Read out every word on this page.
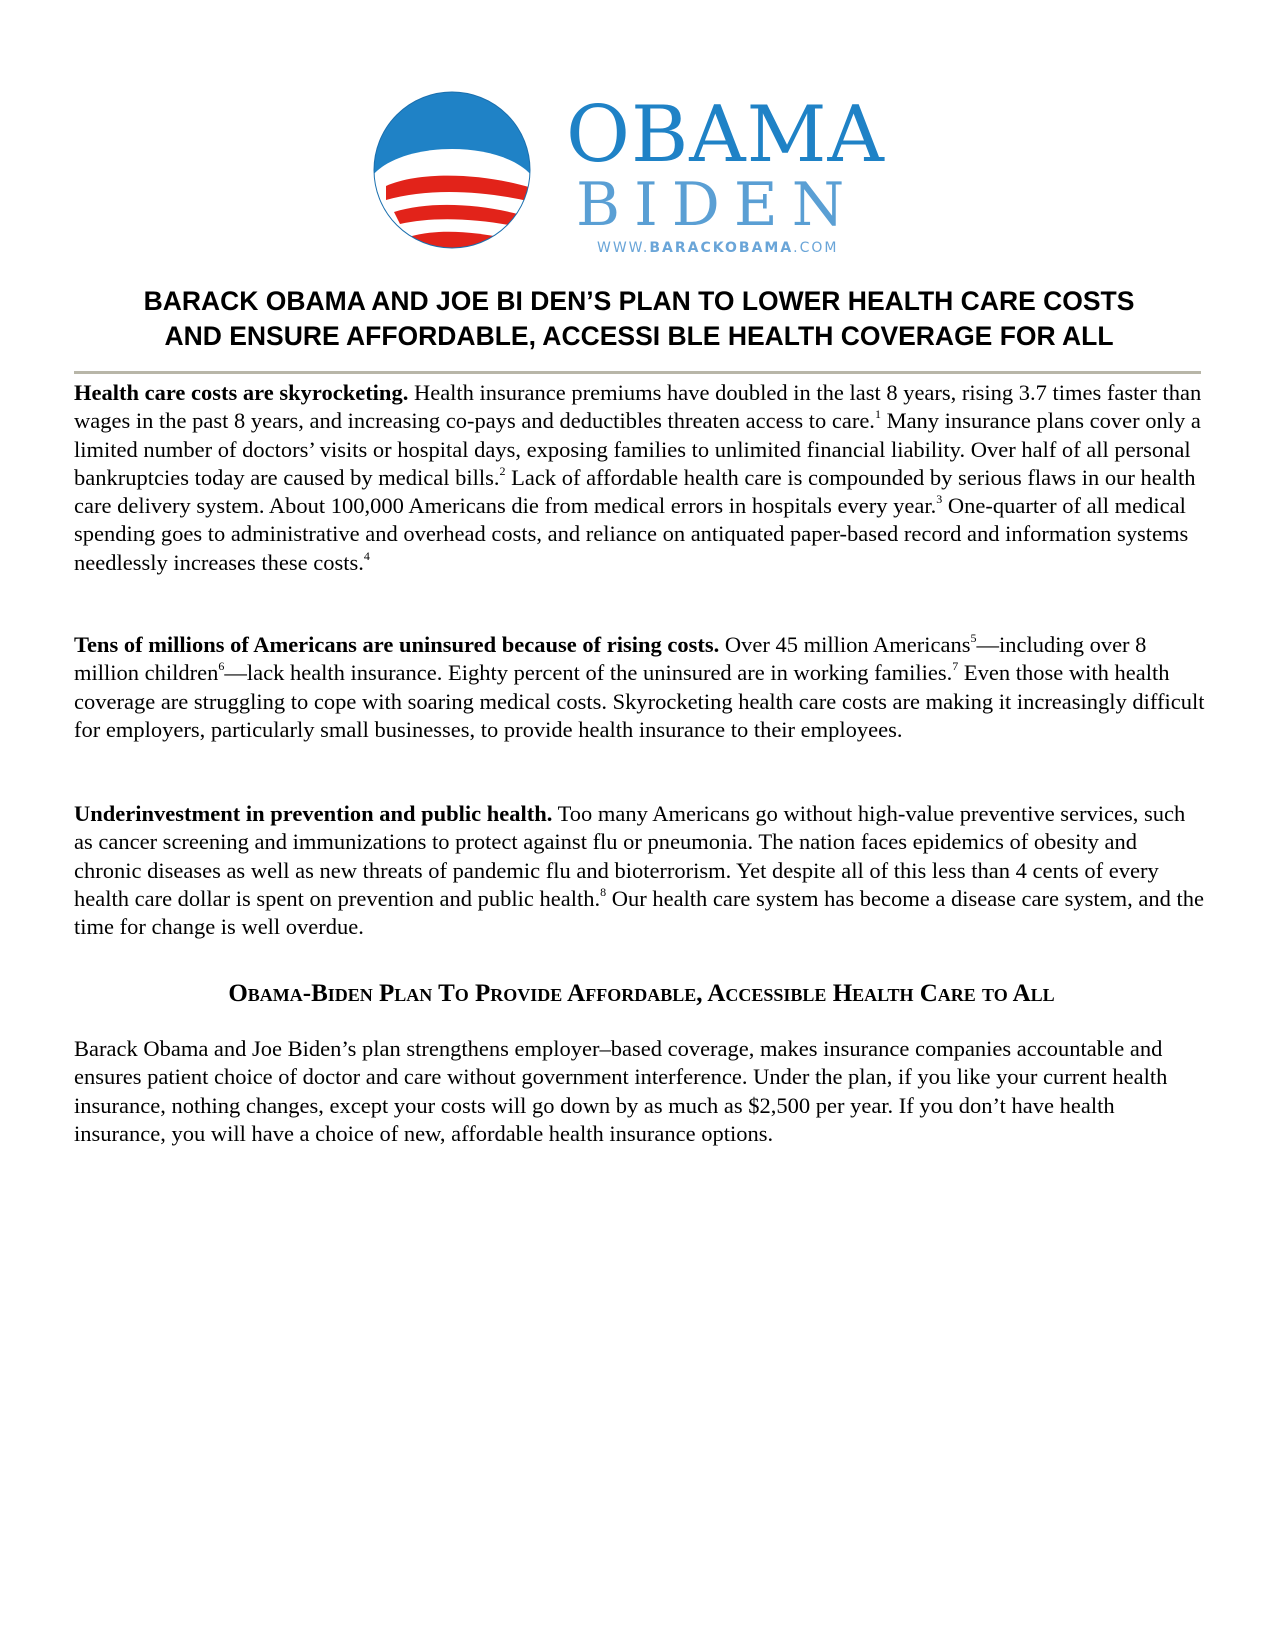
OBAMA
BIDEN
WWW.BARACKOBAMA.COM
BARACK OBAMA AND JOE BI DEN’S PLAN TO LOWER HEALTH CARE COSTS
AND ENSURE AFFORDABLE, ACCESSI BLE HEALTH COVERAGE FOR ALL
Health care costs are skyrocketing. Health insurance premiums have doubled in the last 8 years, rising 3.7 times faster than wages in the past 8 years, and increasing co-pays and deductibles threaten access to care.$^1$ Many insurance plans cover only a limited number of doctors’ visits or hospital days, exposing families to unlimited financial liability. Over half of all personal bankruptcies today are caused by medical bills.$^2$ Lack of affordable health care is compounded by serious flaws in our health care delivery system. About 100,000 Americans die from medical errors in hospitals every year.$^3$ One-quarter of all medical spending goes to administrative and overhead costs, and reliance on antiquated paper-based record and information systems needlessly increases these costs.$^4$
Tens of millions of Americans are uninsured because of rising costs. Over 45 million Americans$^5$—including over 8 million children$^6$—lack health insurance. Eighty percent of the uninsured are in working families.$^7$ Even those with health coverage are struggling to cope with soaring medical costs. Skyrocketing health care costs are making it increasingly difficult for employers, particularly small businesses, to provide health insurance to their employees.
Underinvestment in prevention and public health. Too many Americans go without high-value preventive services, such as cancer screening and immunizations to protect against flu or pneumonia. The nation faces epidemics of obesity and chronic diseases as well as new threats of pandemic flu and bioterrorism. Yet despite all of this less than 4 cents of every health care dollar is spent on prevention and public health.$^8$ Our health care system has become a disease care system, and the time for change is well overdue.
Obama-Biden Plan To Provide Affordable, Accessible Health Care to All
Barack Obama and Joe Biden’s plan strengthens employer–based coverage, makes insurance companies accountable and ensures patient choice of doctor and care without government interference. Under the plan, if you like your current health insurance, nothing changes, except your costs will go down by as much as $2,500 per year. If you don’t have health insurance, you will have a choice of new, affordable health insurance options.
